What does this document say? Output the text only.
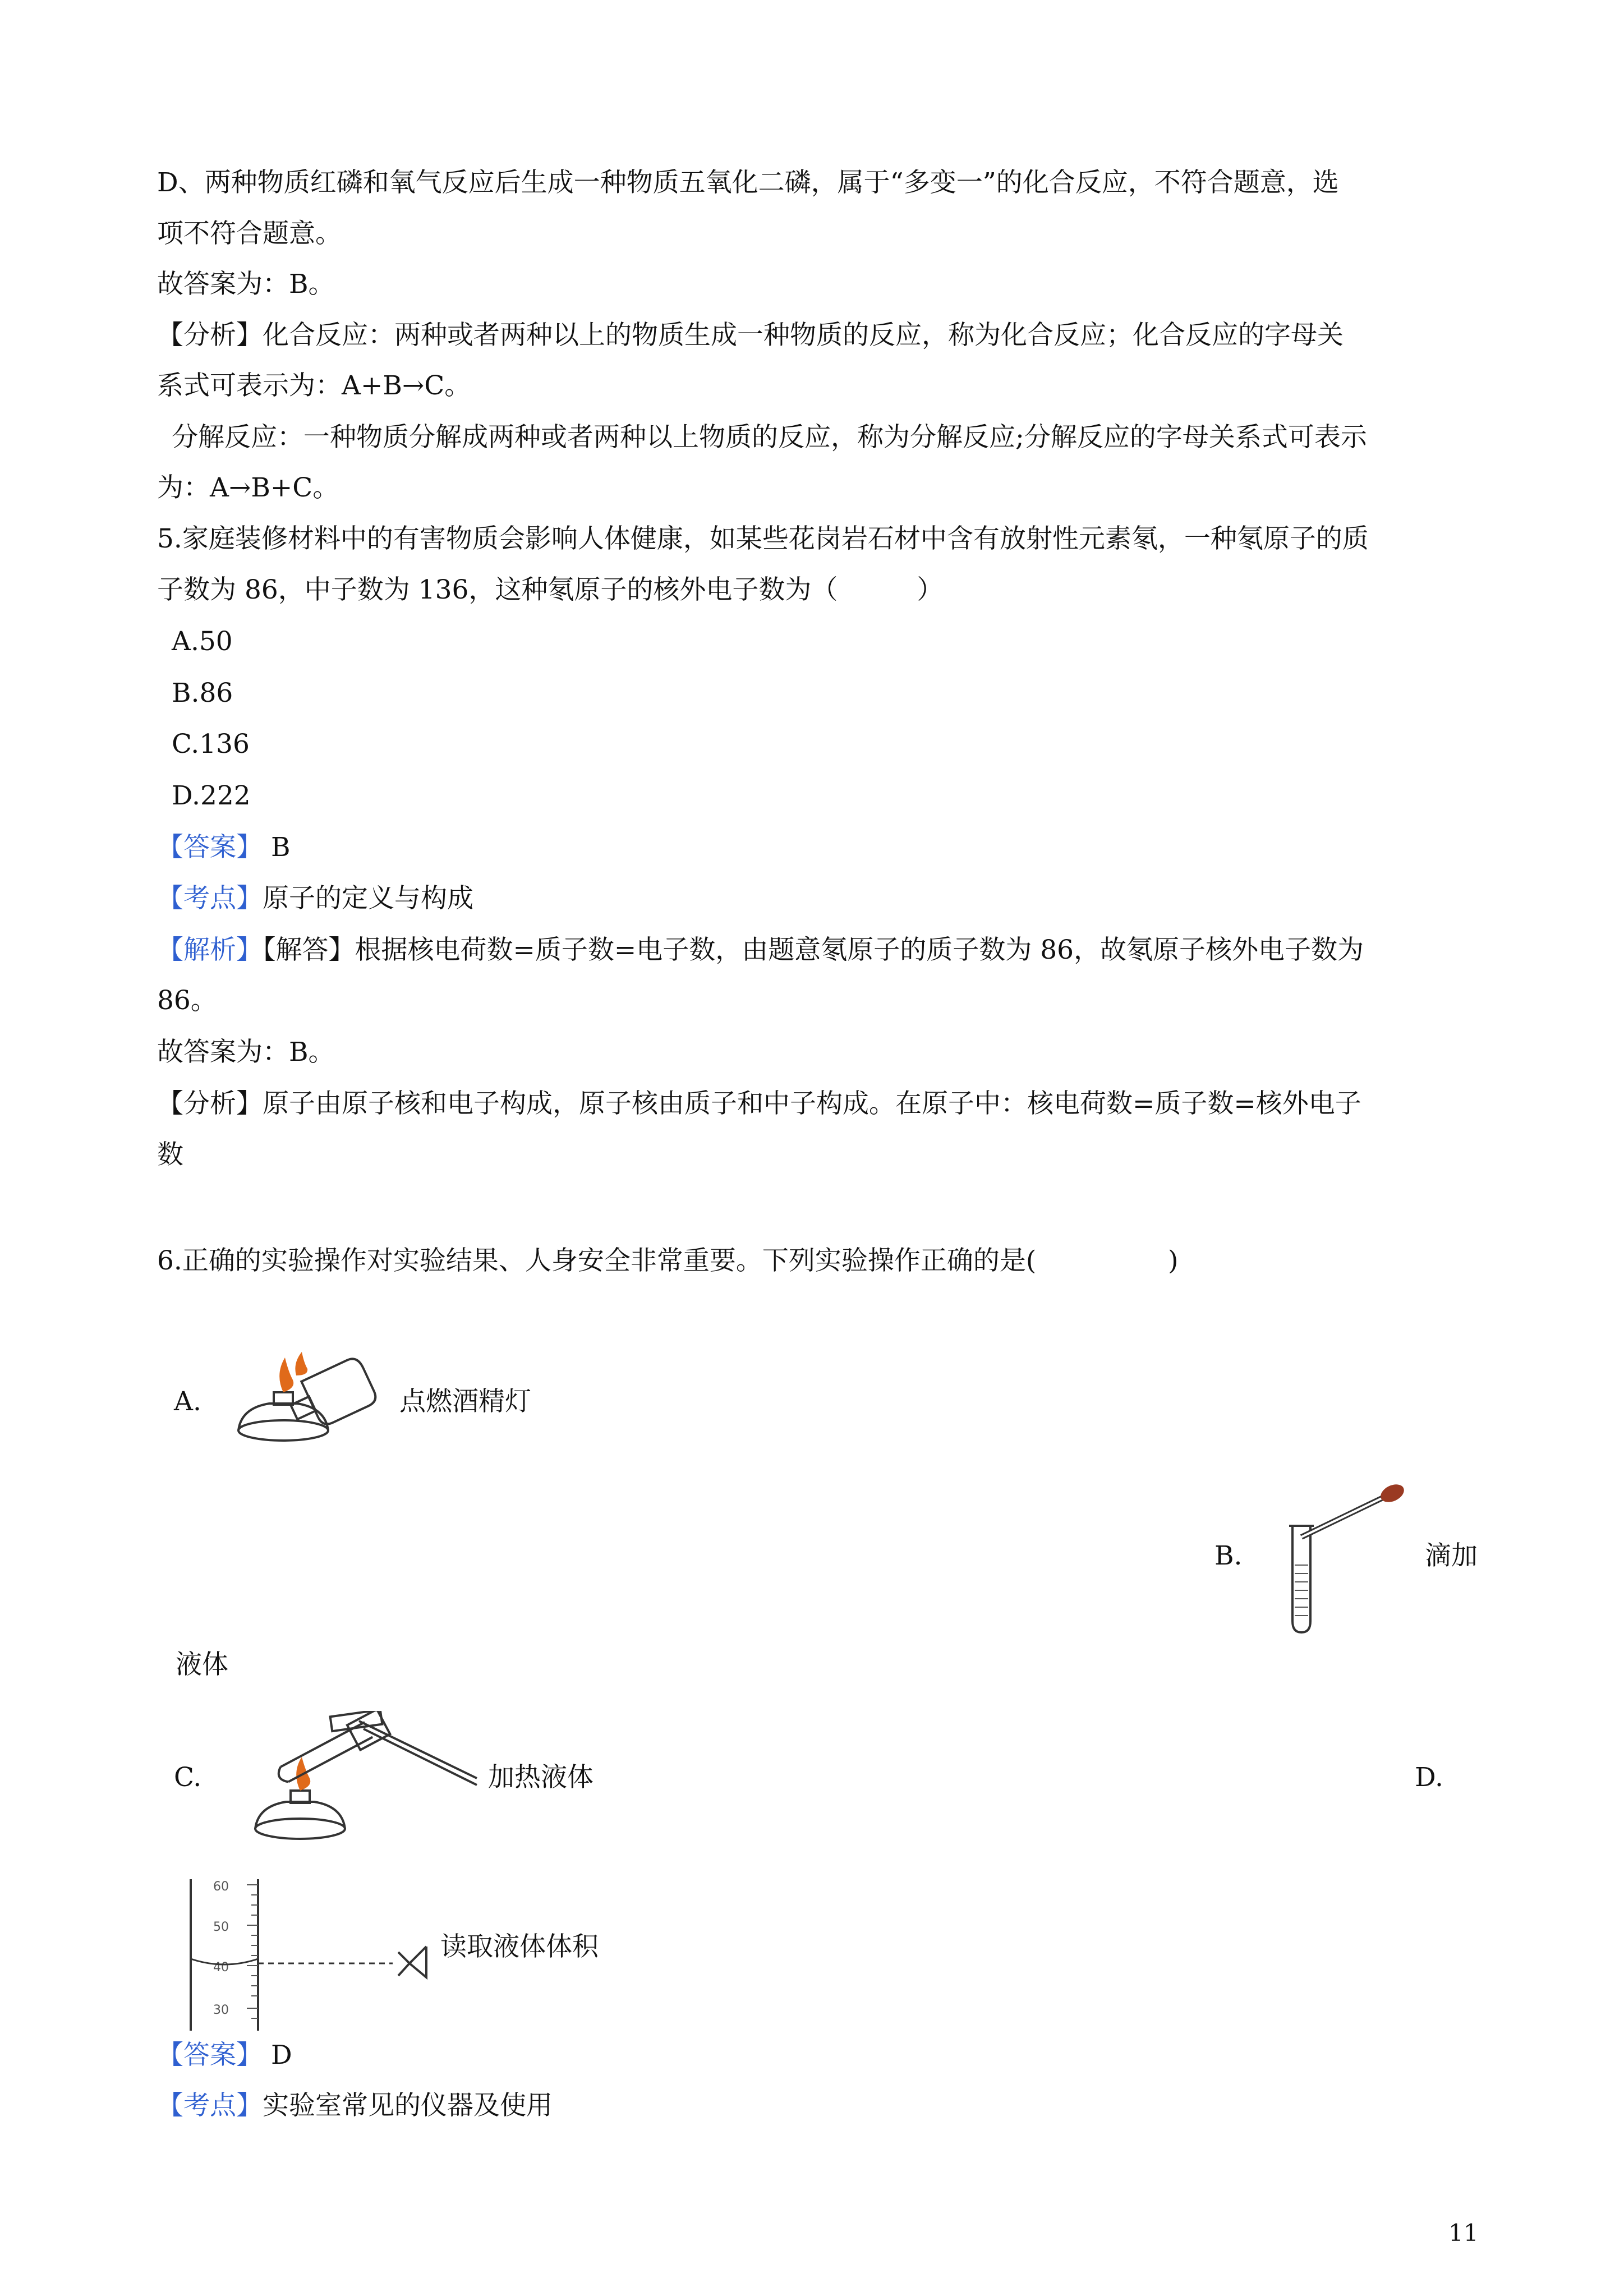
D、两种物质红磷和氧气反应后生成一种物质五氧化二磷，属于“多变一”的化合反应，不符合题意，选
项不符合题意。
故答案为：B。
【分析】化合反应：两种或者两种以上的物质生成一种物质的反应，称为化合反应；化合反应的字母关
系式可表示为：A+B→C。
分解反应：一种物质分解成两种或者两种以上物质的反应，称为分解反应;分解反应的字母关系式可表示
为：A→B+C。
5.家庭装修材料中的有害物质会影响人体健康，如某些花岗岩石材中含有放射性元素氡，一种氡原子的质
子数为 86，中子数为 136，这种氡原子的核外电子数为（　　　）
A.50
B.86
C.136
D.222
【答案】 B
【考点】原子的定义与构成
【解析】【解答】根据核电荷数=质子数=电子数，由题意氡原子的质子数为 86，故氡原子核外电子数为
86。
故答案为：B。
【分析】原子由原子核和电子构成，原子核由质子和中子构成。在原子中：核电荷数=质子数=核外电子
数
6.正确的实验操作对实验结果、人身安全非常重要。下列实验操作正确的是(　　　　　)
A.	点燃酒精灯
B.	滴加
液体
C.	加热液体	D.
60
50
40
30
读取液体体积
【答案】 D
【考点】实验室常见的仪器及使用
11
